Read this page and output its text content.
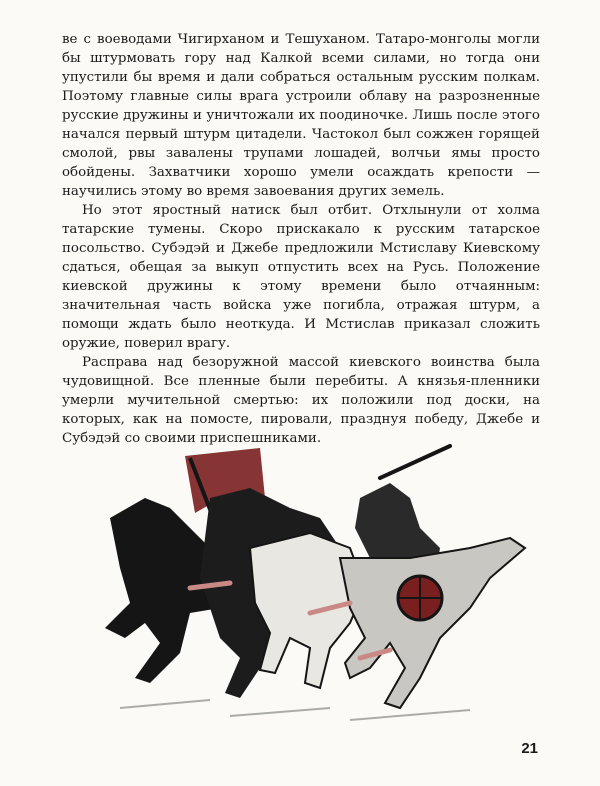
ве с воеводами Чигирханом и Тешуханом. Татаро-монголы могли бы штурмовать гору над Калкой всеми силами, но тогда они упустили бы время и дали собраться остальным русским полкам. Поэтому главные силы врага устроили облаву на разрозненные русские дружины и уничтожали их поодиночке. Лишь после этого начался первый штурм цитадели. Частокол был сожжен горящей смолой, рвы завалены трупами лошадей, волчьи ямы просто обойдены. Захватчики хорошо умели осаждать крепости — научились этому во время завоевания других земель.

Но этот яростный натиск был отбит. Отхлынули от холма татарские тумены. Скоро прискакало к русским татарское посольство. Субэдэй и Джебе предложили Мстиславу Киевскому сдаться, обещая за выкуп отпустить всех на Русь. Положение киевской дружины к этому времени было отчаянным: значительная часть войска уже погибла, отражая штурм, а помощи ждать было неоткуда. И Мстислав приказал сложить оружие, поверил врагу.

Расправа над безоружной массой киевского воинства была чудовищной. Все пленные были перебиты. А князья-пленники умерли мучительной смертью: их положили под доски, на которых, как на помосте, пировали, празднуя победу, Джебе и Субэдэй со своими приспешниками.

21
